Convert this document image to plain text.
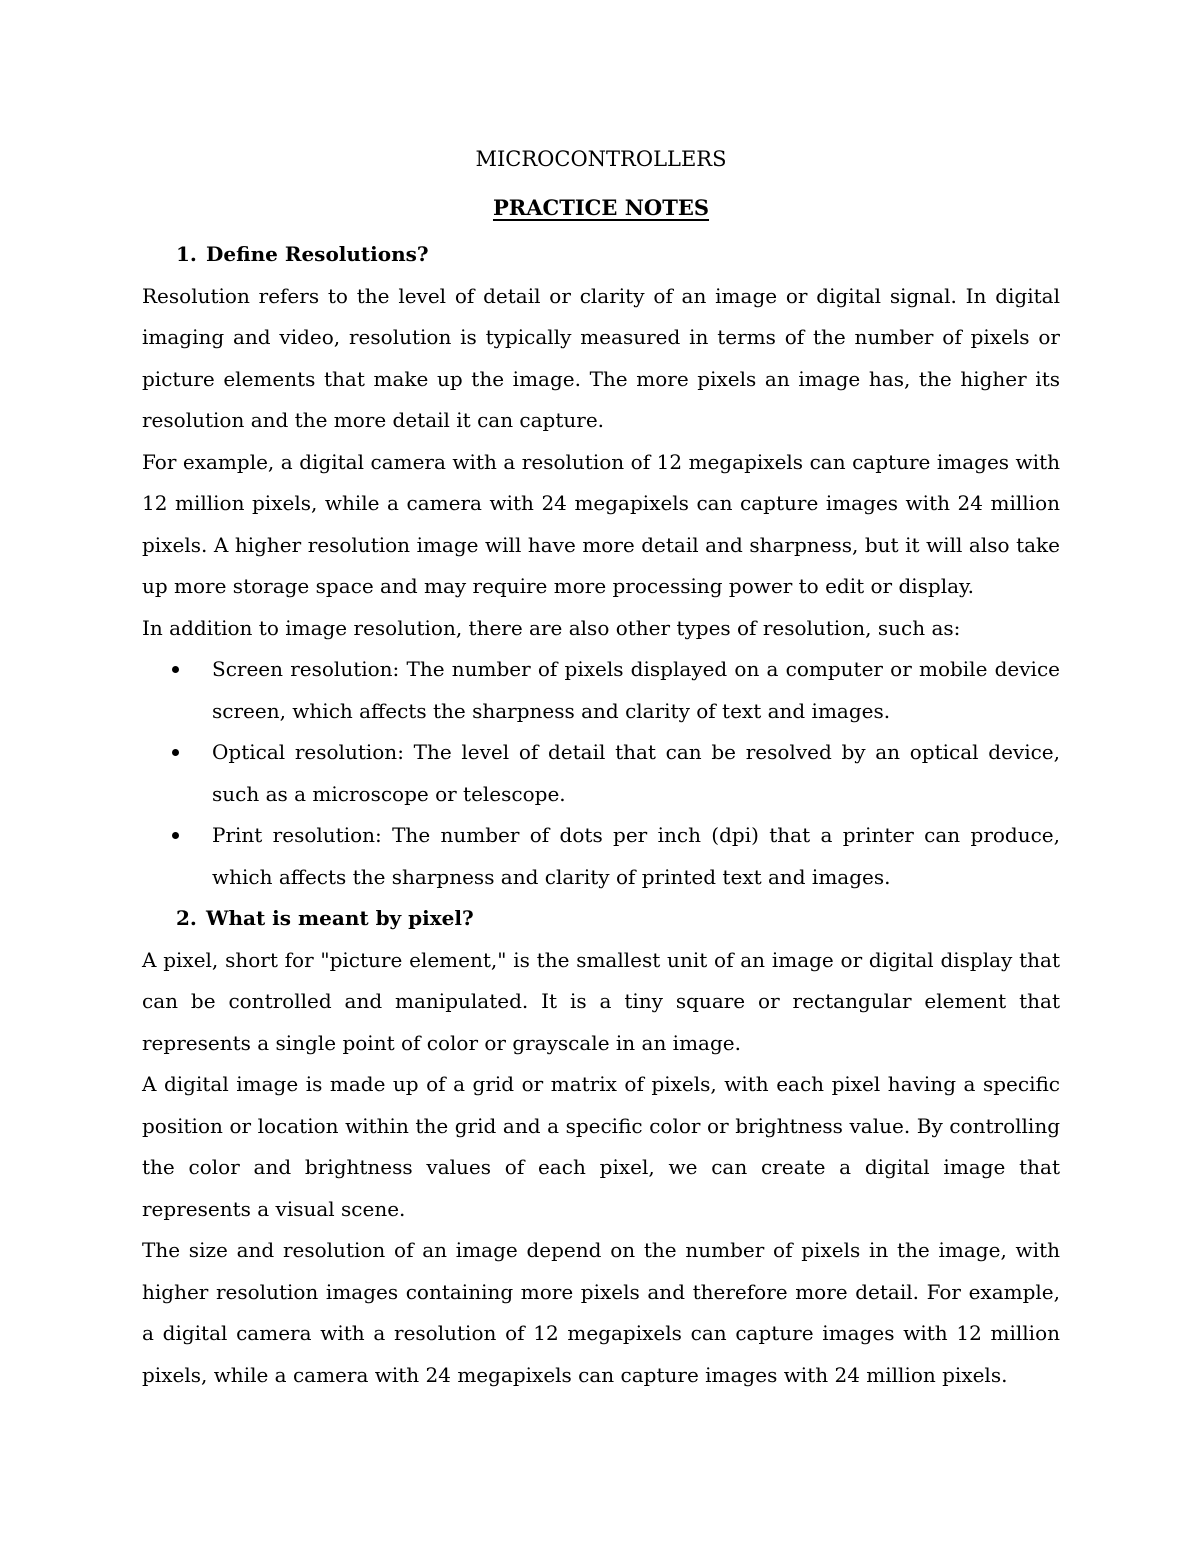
MICROCONTROLLERS
PRACTICE NOTES

1. Define Resolutions?

Resolution refers to the level of detail or clarity of an image or digital signal. In digital imaging and video, resolution is typically measured in terms of the number of pixels or picture elements that make up the image. The more pixels an image has, the higher its resolution and the more detail it can capture.

For example, a digital camera with a resolution of 12 megapixels can capture images with 12 million pixels, while a camera with 24 megapixels can capture images with 24 million pixels. A higher resolution image will have more detail and sharpness, but it will also take up more storage space and may require more processing power to edit or display.

In addition to image resolution, there are also other types of resolution, such as:

Screen resolution: The number of pixels displayed on a computer or mobile device screen, which affects the sharpness and clarity of text and images.
Optical resolution: The level of detail that can be resolved by an optical device, such as a microscope or telescope.
Print resolution: The number of dots per inch (dpi) that a printer can produce, which affects the sharpness and clarity of printed text and images.

2. What is meant by pixel?

A pixel, short for "picture element," is the smallest unit of an image or digital display that can be controlled and manipulated. It is a tiny square or rectangular element that represents a single point of color or grayscale in an image.

A digital image is made up of a grid or matrix of pixels, with each pixel having a specific position or location within the grid and a specific color or brightness value. By controlling the color and brightness values of each pixel, we can create a digital image that represents a visual scene.

The size and resolution of an image depend on the number of pixels in the image, with higher resolution images containing more pixels and therefore more detail. For example, a digital camera with a resolution of 12 megapixels can capture images with 12 million pixels, while a camera with 24 megapixels can capture images with 24 million pixels.
